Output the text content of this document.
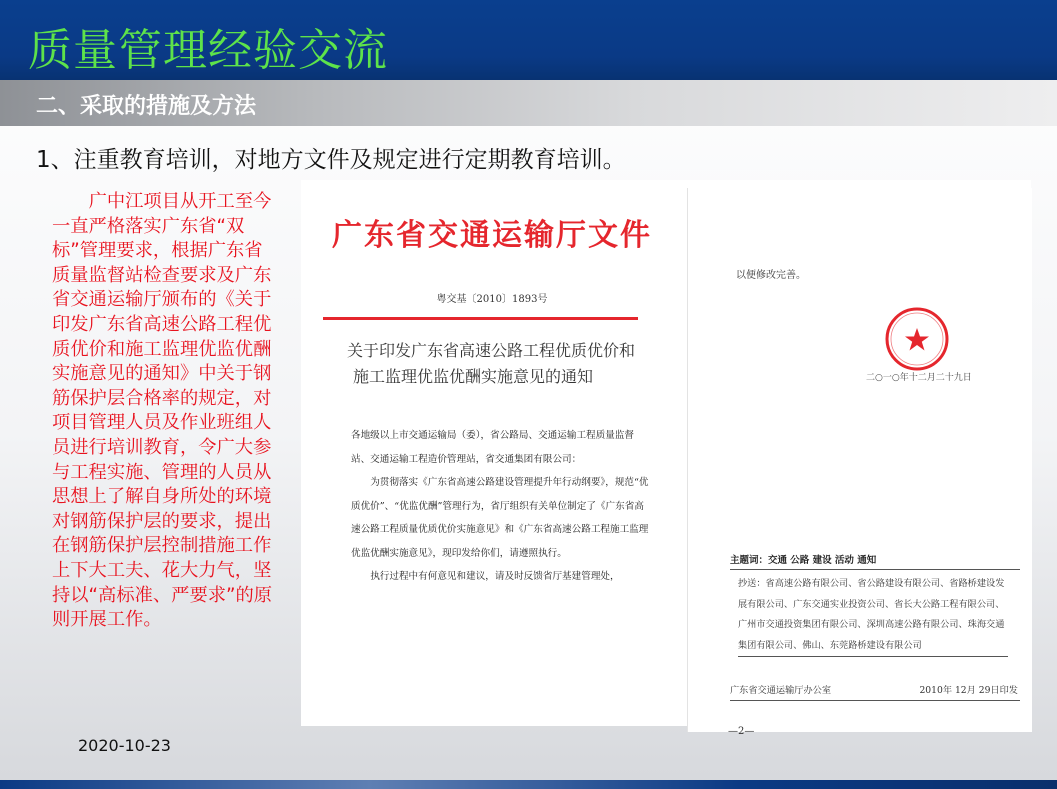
质量管理经验交流
二、采取的措施及方法
1、注重教育培训，对地方文件及规定进行定期教育培训。
广中江项目从开工至今一直严格落实广东省“双标”管理要求，根据广东省质量监督站检查要求及广东省交通运输厅颁布的《关于印发广东省高速公路工程优质优价和施工监理优监优酬实施意见的通知》中关于钢筋保护层合格率的规定，对项目管理人员及作业班组人员进行培训教育，令广大参与工程实施、管理的人员从思想上了解自身所处的环境对钢筋保护层的要求，提出在钢筋保护层控制措施工作上下大工夫、花大力气，坚持以“高标准、严要求”的原则开展工作。
2020-10-23
广东省交通运输厅文件
粤交基〔2010〕1893号
关于印发广东省高速公路工程优质优价和
施工监理优监优酬实施意见的通知

各地级以上市交通运输局（委），省公路局、交通运输工程质量监督站、交通运输工程造价管理站，省交通集团有限公司：

为贯彻落实《广东省高速公路建设管理提升年行动纲要》，规范“优质优价”、“优监优酬”管理行为，省厅组织有关单位制定了《广东省高速公路工程质量优质优价实施意见》和《广东省高速公路工程施工监理优监优酬实施意见》，现印发给你们，请遵照执行。

执行过程中有何意见和建议，请及时反馈省厅基建管理处，

以便修改完善。
二○一○年十二月二十九日
主题词：交通 公路 建设 活动 通知
抄送：省高速公路有限公司、省公路建设有限公司、省路桥建设发展有限公司、广东交通实业投资公司、省长大公路工程有限公司、广州市交通投资集团有限公司、深圳高速公路有限公司、珠海交通集团有限公司、佛山、东莞路桥建设有限公司
广东省交通运输厅办公室	2010年 12月 29日印发
—2—
